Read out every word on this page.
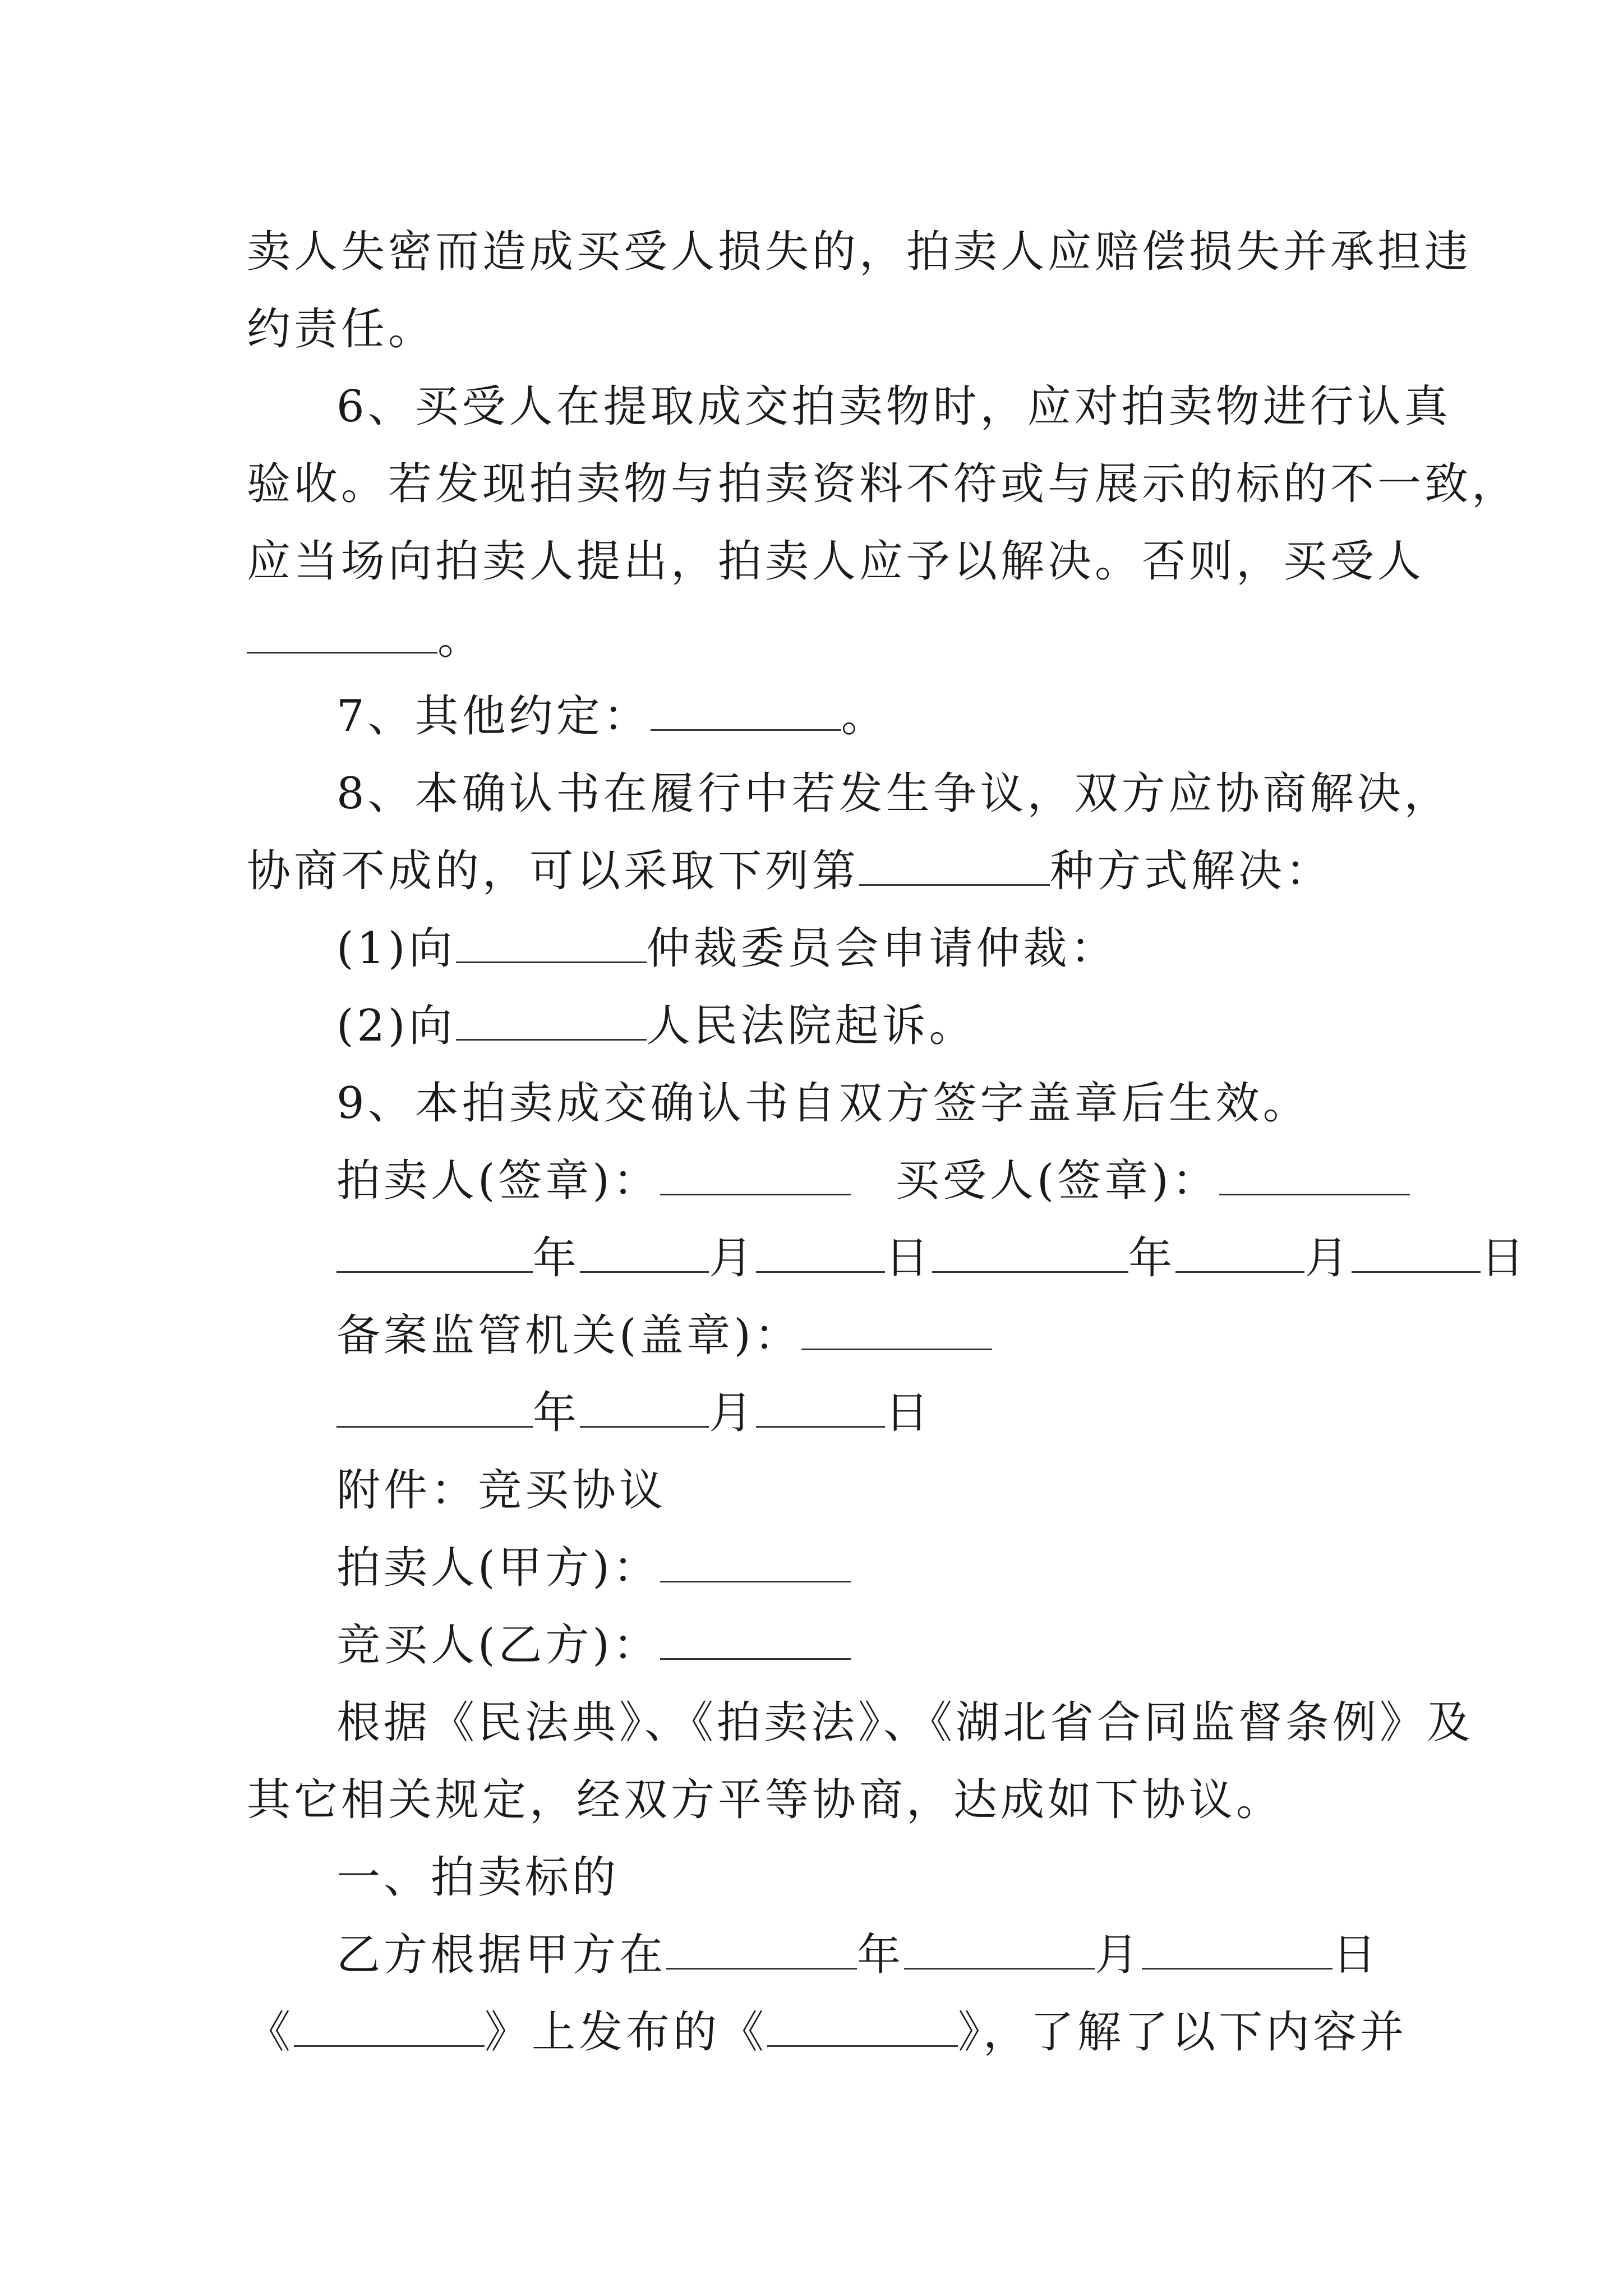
卖人失密而造成买受人损失的，拍卖人应赔偿损失并承担违
约责任。
6、买受人在提取成交拍卖物时，应对拍卖物进行认真
验收。若发现拍卖物与拍卖资料不符或与展示的标的不一致，
应当场向拍卖人提出，拍卖人应予以解决。否则，买受人
。
7、其他约定：	。
8、本确认书在履行中若发生争议，双方应协商解决，
协商不成的，可以采取下列第	种方式解决：
(1)向	仲裁委员会申请仲裁：
(2)向	人民法院起诉。
9、本拍卖成交确认书自双方签字盖章后生效。
拍卖人(签章)：	买受人(签章)：
年	月	日	年	月	日
备案监管机关(盖章)：
年	月	日
附件：竞买协议
拍卖人(甲方)：
竞买人(乙方)：
根据《民法典》、《拍卖法》、《湖北省合同监督条例》及
其它相关规定，经双方平等协商，达成如下协议。
一、拍卖标的
乙方根据甲方在	年	月	日
《	》上发布的《	》，了解了以下内容并
